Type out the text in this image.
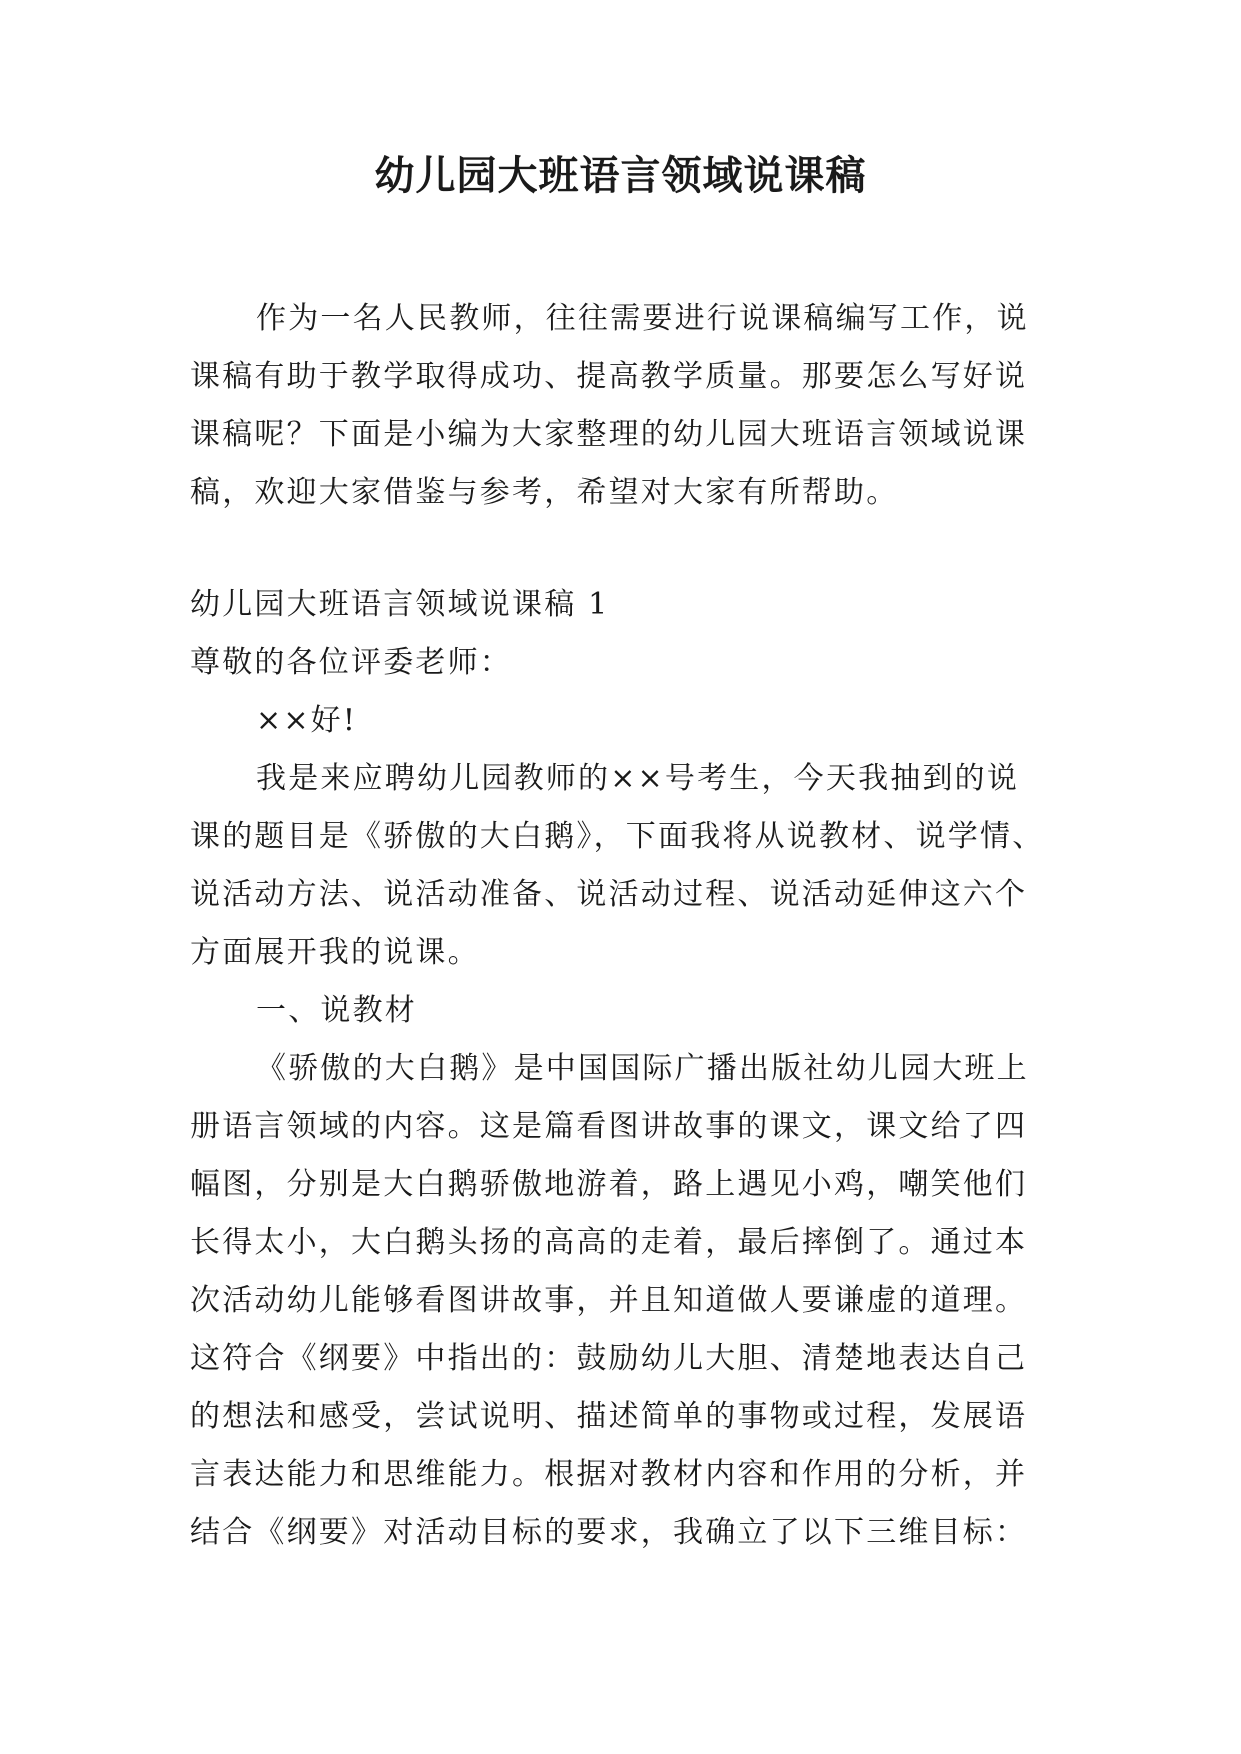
幼儿园大班语言领域说课稿

作为一名人民教师，往往需要进行说课稿编写工作，说课稿有助于教学取得成功、提高教学质量。那要怎么写好说课稿呢？下面是小编为大家整理的幼儿园大班语言领域说课稿，欢迎大家借鉴与参考，希望对大家有所帮助。

幼儿园大班语言领域说课稿 1

尊敬的各位评委老师：

××好!

我是来应聘幼儿园教师的××号考生，今天我抽到的说课的题目是《骄傲的大白鹅》，下面我将从说教材、说学情、说活动方法、说活动准备、说活动过程、说活动延伸这六个方面展开我的说课。

一、说教材

《骄傲的大白鹅》是中国国际广播出版社幼儿园大班上册语言领域的内容。这是篇看图讲故事的课文，课文给了四幅图，分别是大白鹅骄傲地游着，路上遇见小鸡，嘲笑他们长得太小，大白鹅头扬的高高的走着，最后摔倒了。通过本次活动幼儿能够看图讲故事，并且知道做人要谦虚的道理。这符合《纲要》中指出的：鼓励幼儿大胆、清楚地表达自己的想法和感受，尝试说明、描述简单的事物或过程，发展语言表达能力和思维能力。根据对教材内容和作用的分析，并结合《纲要》对活动目标的要求，我确立了以下三维目标：
